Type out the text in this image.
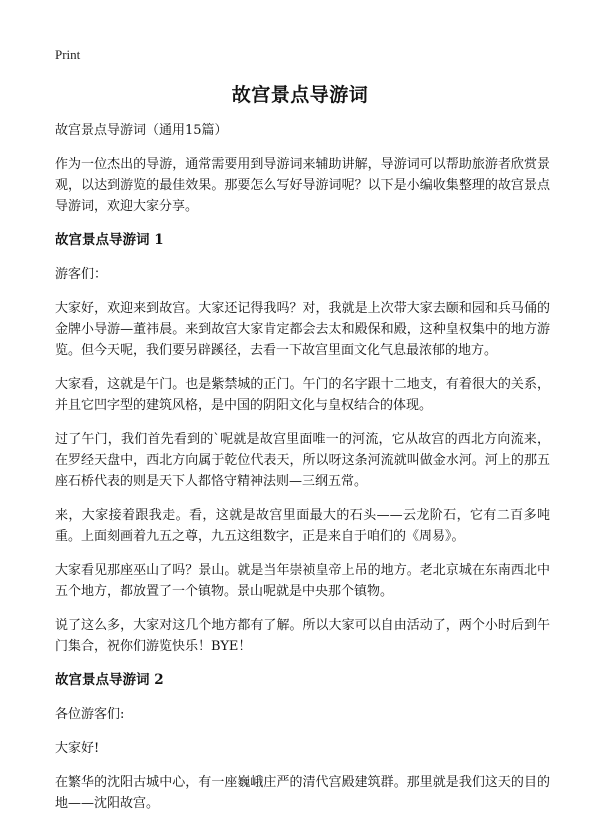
Print
故宫景点导游词

故宫景点导游词（通用15篇）

作为一位杰出的导游，通常需要用到导游词来辅助讲解，导游词可以帮助旅游者欣赏景观，以达到游览的最佳效果。那要怎么写好导游词呢？以下是小编收集整理的故宫景点导游词，欢迎大家分享。

故宫景点导游词 1

游客们：

大家好，欢迎来到故宫。大家还记得我吗？对，我就是上次带大家去颐和园和兵马俑的金牌小导游—董祎晨。来到故宫大家肯定都会去太和殿保和殿，这种皇权集中的地方游览。但今天呢，我们要另辟蹊径，去看一下故宫里面文化气息最浓郁的地方。

大家看，这就是午门。也是紫禁城的正门。午门的名字跟十二地支，有着很大的关系，并且它凹字型的建筑风格，是中国的阴阳文化与皇权结合的体现。

过了午门，我们首先看到的`呢就是故宫里面唯一的河流，它从故宫的西北方向流来，在罗经天盘中，西北方向属于乾位代表天，所以呀这条河流就叫做金水河。河上的那五座石桥代表的则是天下人都恪守精神法则—三纲五常。

来，大家接着跟我走。看，这就是故宫里面最大的石头——云龙阶石，它有二百多吨重。上面刻画着九五之尊，九五这组数字，正是来自于咱们的《周易》。

大家看见那座巫山了吗？景山。就是当年崇祯皇帝上吊的地方。老北京城在东南西北中五个地方，都放置了一个镇物。景山呢就是中央那个镇物。

说了这么多，大家对这几个地方都有了解。所以大家可以自由活动了，两个小时后到午门集合，祝你们游览快乐！BYE！

故宫景点导游词 2

各位游客们:

大家好!

在繁华的沈阳古城中心，有一座巍峨庄严的清代宫殿建筑群。那里就是我们这天的目的地——沈阳故宫。
